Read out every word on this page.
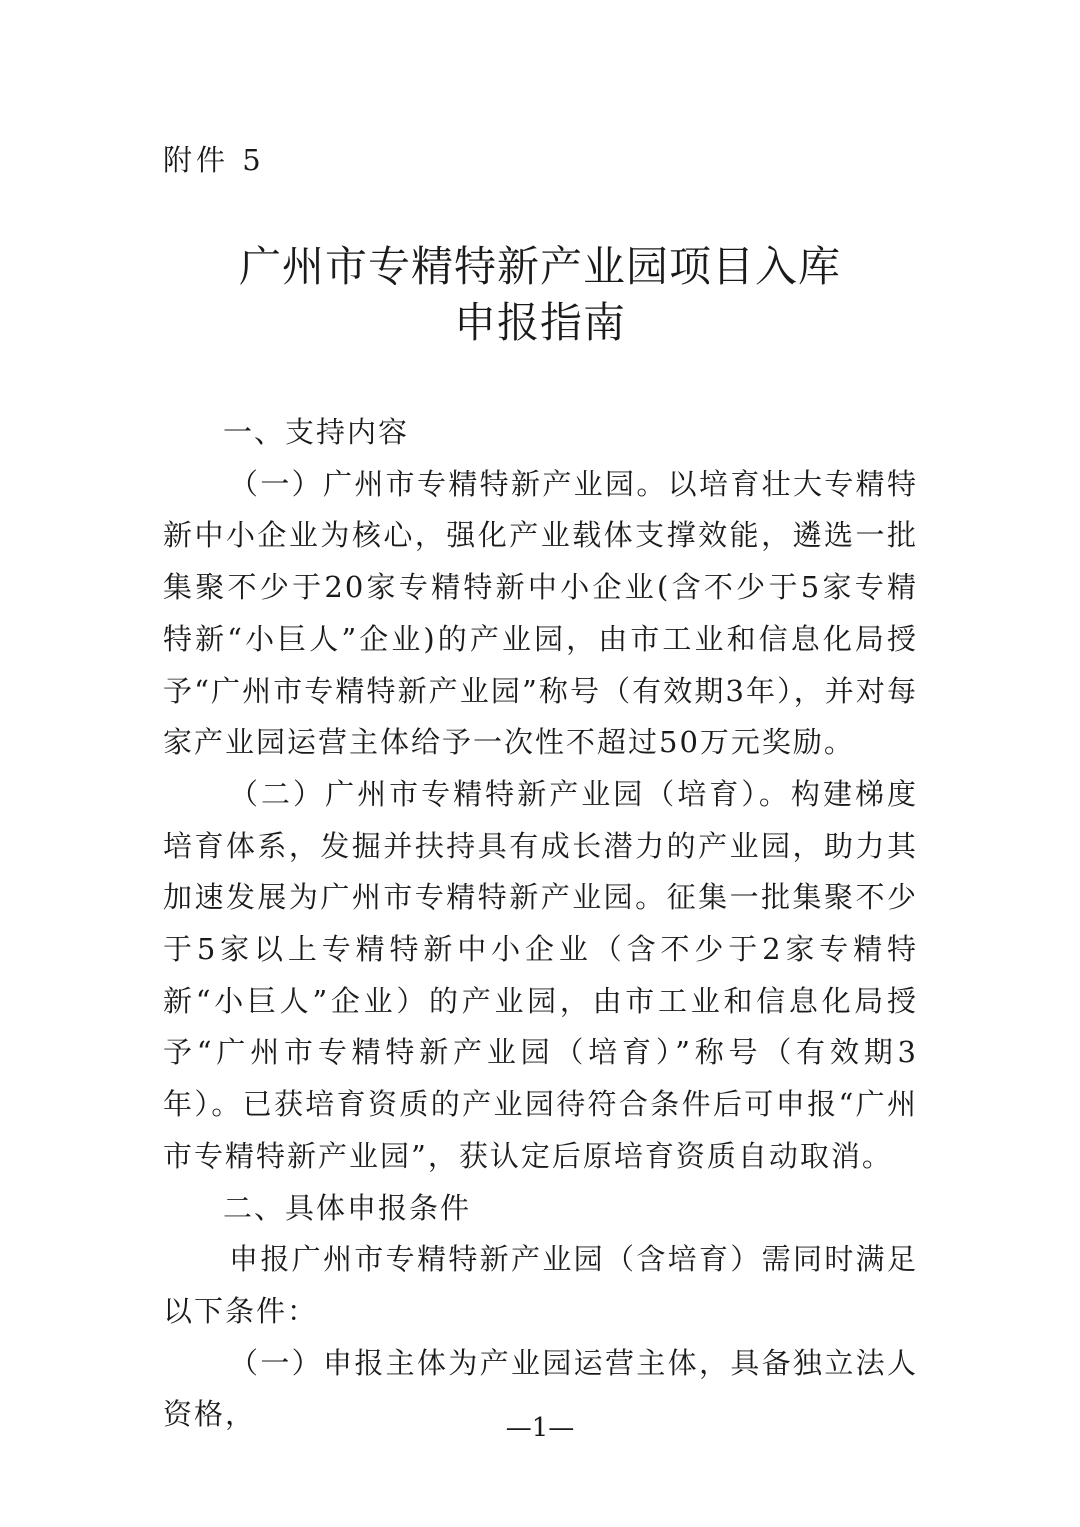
附件 5
广州市专精特新产业园项目入库
申报指南

一、支持内容

（一）广州市专精特新产业园。以培育壮大专精特新中小企业为核心，强化产业载体支撑效能，遴选一批集聚不少于20家专精特新中小企业(含不少于5家专精特新“小巨人”企业)的产业园，由市工业和信息化局授予“广州市专精特新产业园”称号（有效期3年），并对每家产业园运营主体给予一次性不超过50万元奖励。

（二）广州市专精特新产业园（培育）。构建梯度培育体系，发掘并扶持具有成长潜力的产业园，助力其加速发展为广州市专精特新产业园。征集一批集聚不少于5家以上专精特新中小企业（含不少于2家专精特新“小巨人”企业）的产业园，由市工业和信息化局授予“广州市专精特新产业园（培育）”称号（有效期3年）。已获培育资质的产业园待符合条件后可申报“广州市专精特新产业园”，获认定后原培育资质自动取消。

二、具体申报条件

申报广州市专精特新产业园（含培育）需同时满足以下条件：

（一）申报主体为产业园运营主体，具备独立法人资格，	—1—
